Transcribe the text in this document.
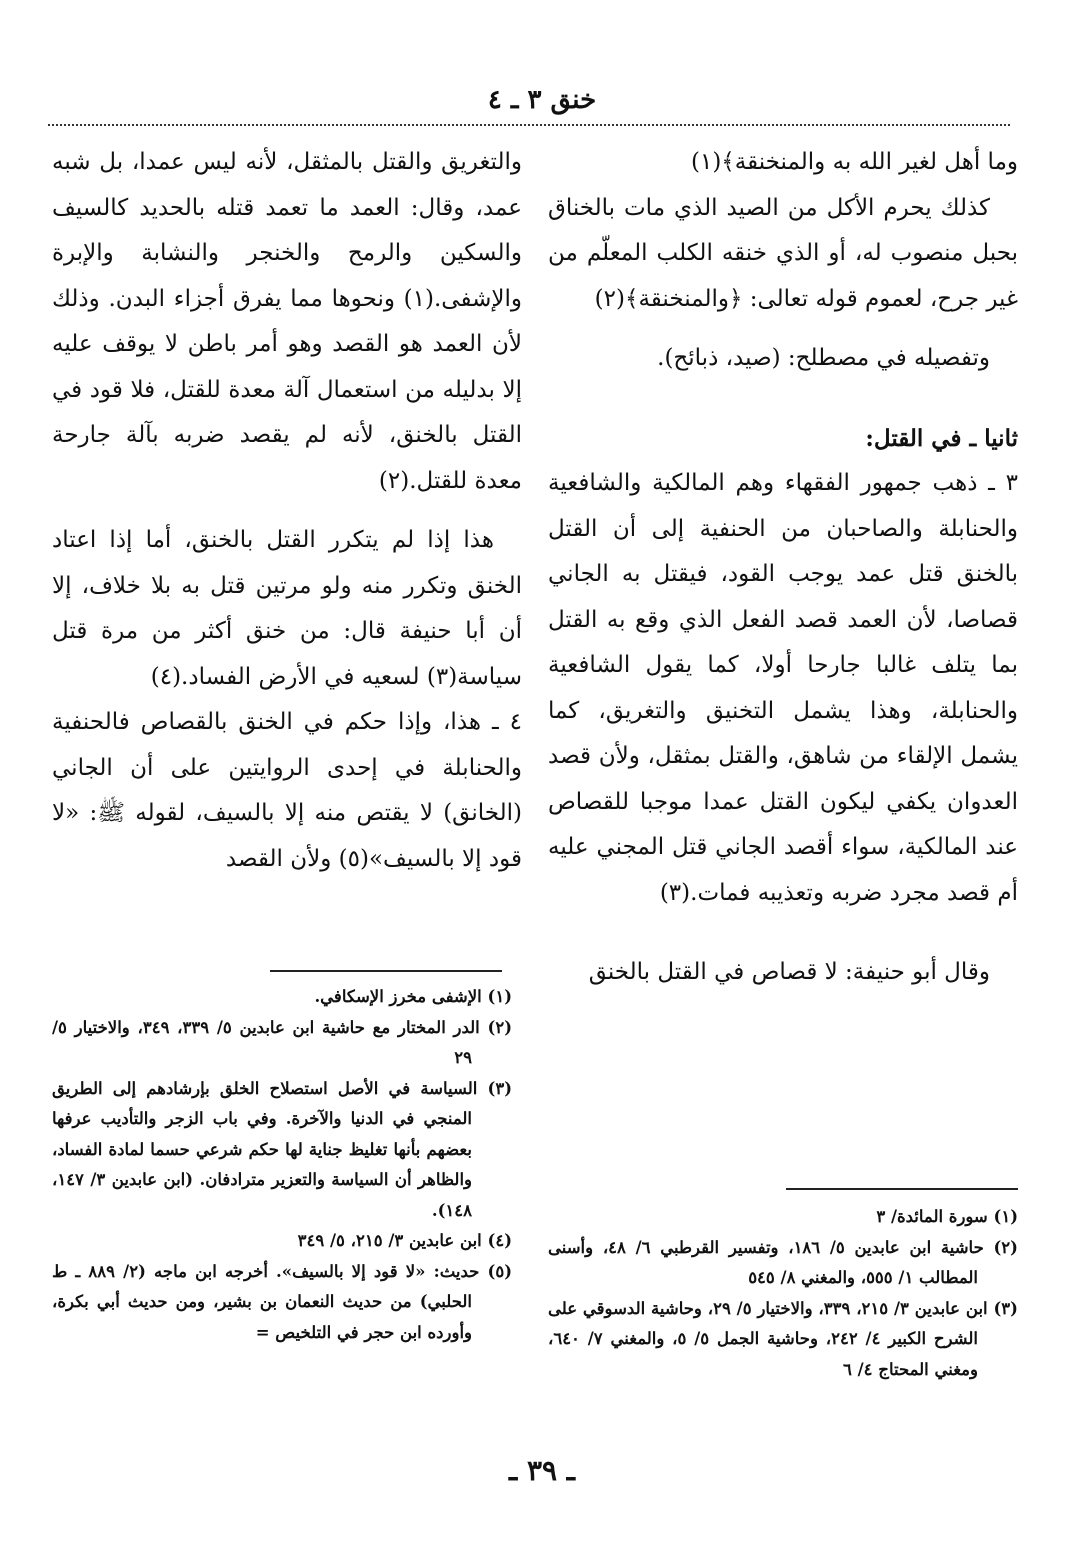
خنق ٣ ـ ٤

وما أهل لغير الله به والمنخنقة﴾(١)

كذلك يحرم الأكل من الصيد الذي مات بالخناق بحبل منصوب له، أو الذي خنقه الكلب المعلّم من غير جرح، لعموم قوله تعالى: ﴿والمنخنقة﴾(٢)

وتفصيله في مصطلح: (صيد، ذبائح).

ثانيا ـ في القتل:

٣ ـ ذهب جمهور الفقهاء وهم المالكية والشافعية والحنابلة والصاحبان من الحنفية إلى أن القتل بالخنق قتل عمد يوجب القود، فيقتل به الجاني قصاصا، لأن العمد قصد الفعل الذي وقع به القتل بما يتلف غالبا جارحا أولا، كما يقول الشافعية والحنابلة، وهذا يشمل التخنيق والتغريق، كما يشمل الإلقاء من شاهق، والقتل بمثقل، ولأن قصد العدوان يكفي ليكون القتل عمدا موجبا للقصاص عند المالكية، سواء أقصد الجاني قتل المجني عليه أم قصد مجرد ضربه وتعذيبه فمات.(٣)

وقال أبو حنيفة: لا قصاص في القتل بالخنق

والتغريق والقتل بالمثقل، لأنه ليس عمدا، بل شبه عمد، وقال: العمد ما تعمد قتله بالحديد كالسيف والسكين والرمح والخنجر والنشابة والإبرة والإشفى.(١) ونحوها مما يفرق أجزاء البدن. وذلك لأن العمد هو القصد وهو أمر باطن لا يوقف عليه إلا بدليله من استعمال آلة معدة للقتل، فلا قود في القتل بالخنق، لأنه لم يقصد ضربه بآلة جارحة معدة للقتل.(٢)

هذا إذا لم يتكرر القتل بالخنق، أما إذا اعتاد الخنق وتكرر منه ولو مرتين قتل به بلا خلاف، إلا أن أبا حنيفة قال: من خنق أكثر من مرة قتل سياسة(٣) لسعيه في الأرض الفساد.(٤)

٤ ـ هذا، وإذا حكم في الخنق بالقصاص فالحنفية والحنابلة في إحدى الروايتين على أن الجاني (الخانق) لا يقتص منه إلا بالسيف، لقوله ﷺ: «لا قود إلا بالسيف»(٥) ولأن القصد

(١) الإشفى مخرز الإسكافي.

(٢) الدر المختار مع حاشية ابن عابدين ٥/ ٣٣٩، ٣٤٩، والاختيار ٥/ ٢٩

(٣) السياسة في الأصل استصلاح الخلق بإرشادهم إلى الطريق المنجي في الدنيا والآخرة. وفي باب الزجر والتأديب عرفها بعضهم بأنها تغليظ جناية لها حكم شرعي حسما لمادة الفساد، والظاهر أن السياسة والتعزير مترادفان. (ابن عابدين ٣/ ١٤٧، ١٤٨).

(٤) ابن عابدين ٣/ ٢١٥، ٥/ ٣٤٩

(٥) حديث: «لا قود إلا بالسيف». أخرجه ابن ماجه (٢/ ٨٨٩ ـ ط الحلبي) من حديث النعمان بن بشير، ومن حديث أبي بكرة، وأورده ابن حجر في التلخيص =

(١) سورة المائدة/ ٣

(٢) حاشية ابن عابدين ٥/ ١٨٦، وتفسير القرطبي ٦/ ٤٨، وأسنى المطالب ١/ ٥٥٥، والمغني ٨/ ٥٤٥

(٣) ابن عابدين ٣/ ٢١٥، ٣٣٩، والاختيار ٥/ ٢٩، وحاشية الدسوقي على الشرح الكبير ٤/ ٢٤٢، وحاشية الجمل ٥/ ٥، والمغني ٧/ ٦٤٠، ومغني المحتاج ٤/ ٦

ـ ٣٩ ـ
